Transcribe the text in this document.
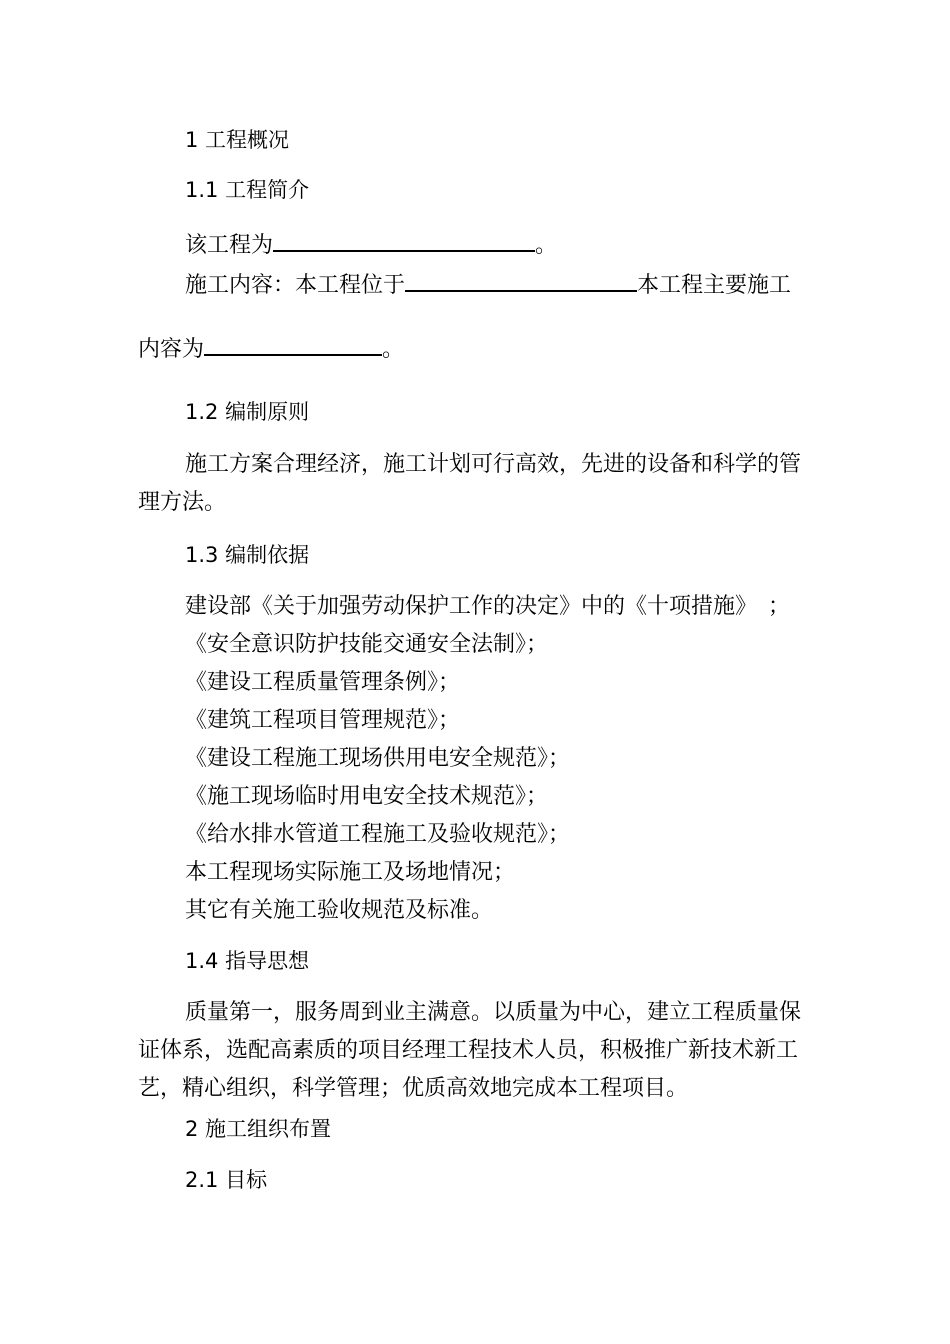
1 工程概况
1.1 工程简介
该工程为	。
施工内容：本工程位于	本工程主要施工
内容为	。
1.2 编制原则
施工方案合理经济，施工计划可行高效，先进的设备和科学的管
理方法。
1.3 编制依据
建设部《关于加强劳动保护工作的决定》中的《十项措施》　；
《安全意识防护技能交通安全法制》；
《建设工程质量管理条例》；
《建筑工程项目管理规范》；
《建设工程施工现场供用电安全规范》；
《施工现场临时用电安全技术规范》；
《给水排水管道工程施工及验收规范》；
本工程现场实际施工及场地情况；
其它有关施工验收规范及标准。
1.4 指导思想
质量第一，服务周到业主满意。以质量为中心，建立工程质量保
证体系，选配高素质的项目经理工程技术人员，积极推广新技术新工
艺，精心组织，科学管理；优质高效地完成本工程项目。
2 施工组织布置
2.1 目标
